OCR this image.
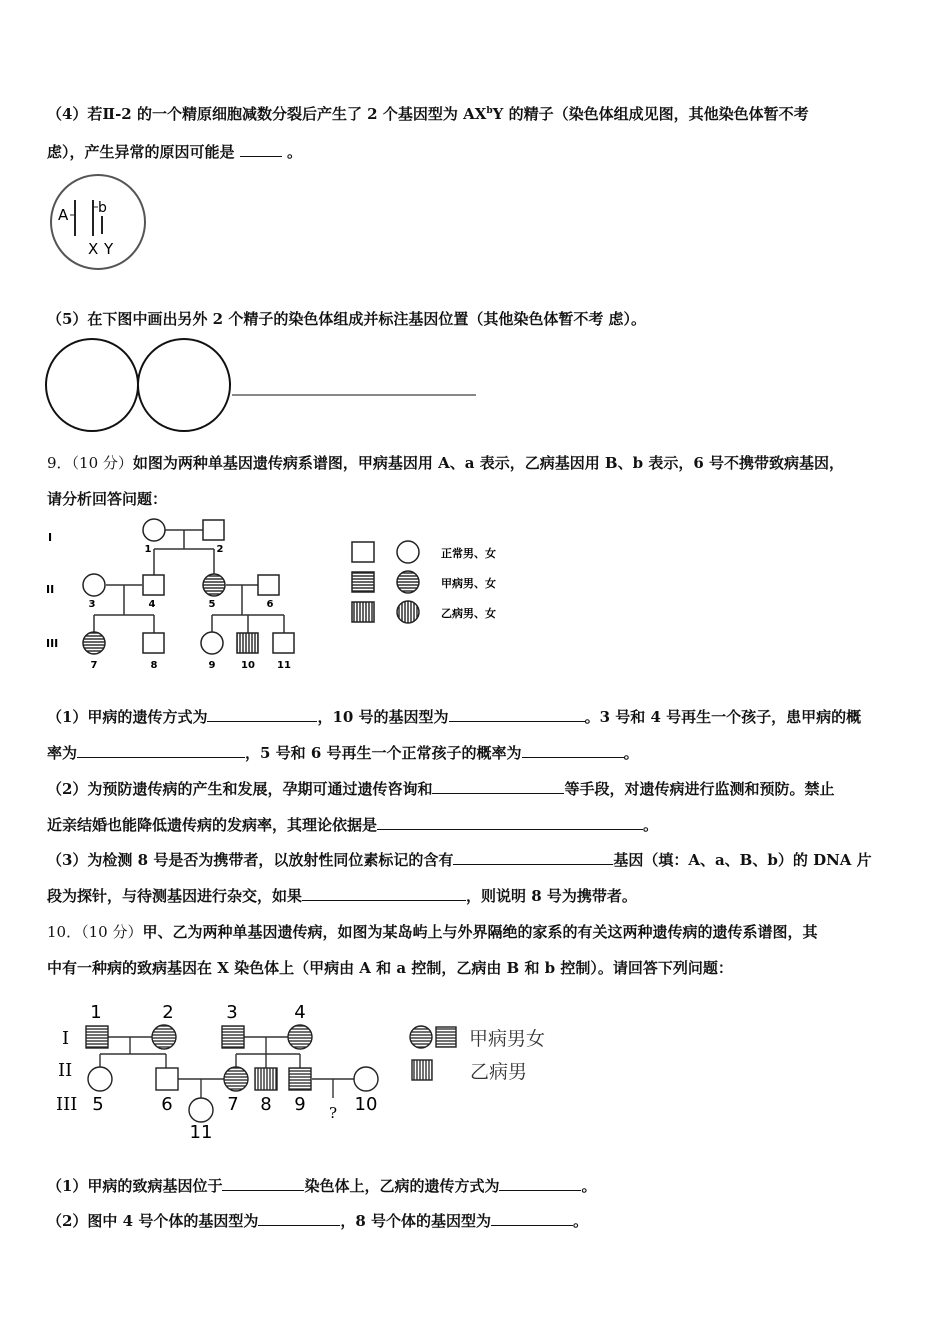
（4）若Ⅱ-2 的一个精原细胞减数分裂后产生了 2 个基因型为 $AX^bY$ 的精子（染色体组成见图，其他染色体暂不考
虑），产生异常的原因可能是	。
A b
X Y
（5）在下图中画出另外 2 个精子的染色体组成并标注基因位置（其他染色体暂不考 虑）。
9．（10 分）如图为两种单基因遗传病系谱图，甲病基因用 A、a 表示，乙病基因用 B、b 表示，6 号不携带致病基因，
请分析回答问题：
I
II
III
1	2
3	4	5	6
7	8	9	10 11
正常男、女
甲病男、女
乙病男、女
（1）甲病的遗传方式为	，10 号的基因型为	。3 号和 4 号再生一个孩子，患甲病的概
率为	，5 号和 6 号再生一个正常孩子的概率为	。
（2）为预防遗传病的产生和发展，孕期可通过遗传咨询和	等手段，对遗传病进行监测和预防。禁止
近亲结婚也能降低遗传病的发病率，其理论依据是	。
（3）为检测 8 号是否为携带者，以放射性同位素标记的含有	基因（填：A、a、B、b）的 DNA 片
段为探针，与待测基因进行杂交，如果	，则说明 8 号为携带者。
10．（10 分）甲、乙为两种单基因遗传病，如图为某岛屿上与外界隔绝的家系的有关这两种遗传病的遗传系谱图，其
中有一种病的致病基因在 X 染色体上（甲病由 A 和 a 控制，乙病由 B 和 b 控制）。请回答下列问题：
I
II
III
1	2	3	4
5	6	7 8 9	10
11
?
甲病男女
乙病男
（1）甲病的致病基因位于	染色体上，乙病的遗传方式为	。
（2）图中 4 号个体的基因型为	，8 号个体的基因型为	。
